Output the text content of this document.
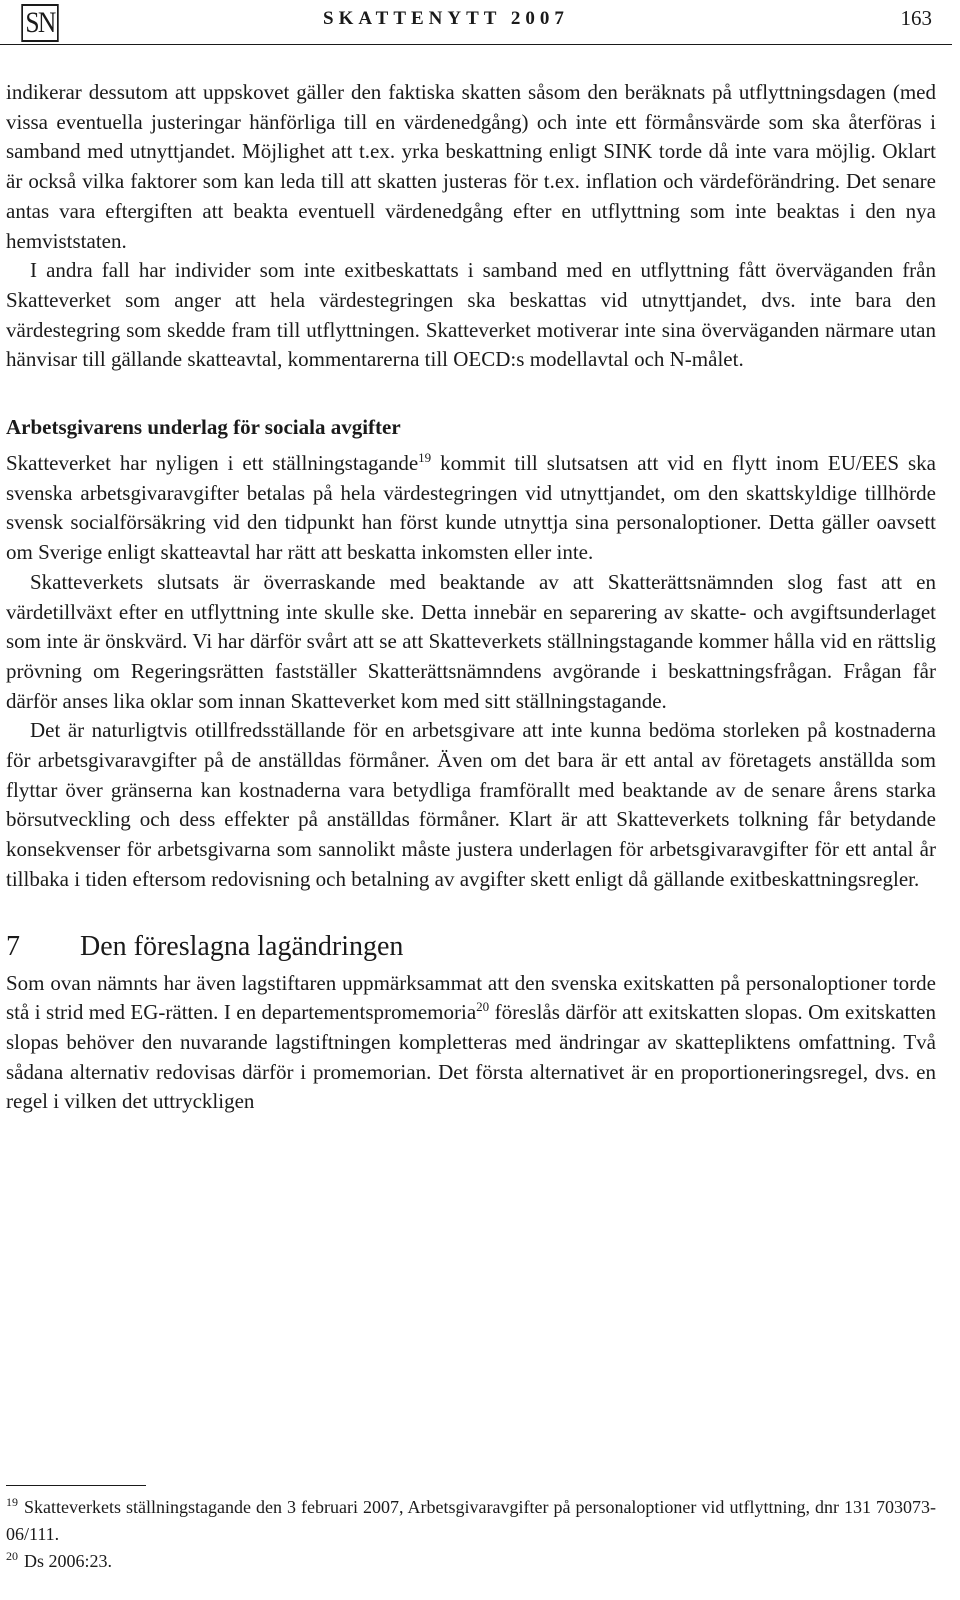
SN	SKATTENYTT 2007	163

indikerar dessutom att uppskovet gäller den faktiska skatten såsom den beräknats på utflyttningsdagen (med vissa eventuella justeringar hänförliga till en värdenedgång) och inte ett förmånsvärde som ska återföras i samband med utnyttjandet. Möjlighet att t.ex. yrka beskattning enligt SINK torde då inte vara möjlig. Oklart är också vilka faktorer som kan leda till att skatten justeras för t.ex. inflation och värdeförändring. Det senare antas vara eftergiften att beakta eventuell värdenedgång efter en utflyttning som inte beaktas i den nya hemviststaten.

I andra fall har individer som inte exitbeskattats i samband med en utflyttning fått överväganden från Skatteverket som anger att hela värdestegringen ska beskattas vid utnyttjandet, dvs. inte bara den värdestegring som skedde fram till utflyttningen. Skatteverket motiverar inte sina överväganden närmare utan hänvisar till gällande skatteavtal, kommentarerna till OECD:s modellavtal och N-målet.

Arbetsgivarens underlag för sociala avgifter

Skatteverket har nyligen i ett ställningstagande$^{19}$ kommit till slutsatsen att vid en flytt inom EU/EES ska svenska arbetsgivaravgifter betalas på hela värdestegringen vid utnyttjandet, om den skattskyldige tillhörde svensk socialförsäkring vid den tidpunkt han först kunde utnyttja sina personaloptioner. Detta gäller oavsett om Sverige enligt skatteavtal har rätt att beskatta inkomsten eller inte.

Skatteverkets slutsats är överraskande med beaktande av att Skatterättsnämnden slog fast att en värdetillväxt efter en utflyttning inte skulle ske. Detta innebär en separering av skatte- och avgiftsunderlaget som inte är önskvärd. Vi har därför svårt att se att Skatteverkets ställningstagande kommer hålla vid en rättslig prövning om Regeringsrätten fastställer Skatterättsnämndens avgörande i beskattningsfrågan. Frågan får därför anses lika oklar som innan Skatteverket kom med sitt ställningstagande.

Det är naturligtvis otillfredsställande för en arbetsgivare att inte kunna bedöma storleken på kostnaderna för arbetsgivaravgifter på de anställdas förmåner. Även om det bara är ett antal av företagets anställda som flyttar över gränserna kan kostnaderna vara betydliga framförallt med beaktande av de senare årens starka börsutveckling och dess effekter på anställdas förmåner. Klart är att Skatteverkets tolkning får betydande konsekvenser för arbetsgivarna som sannolikt måste justera underlagen för arbetsgivaravgifter för ett antal år tillbaka i tiden eftersom redovisning och betalning av avgifter skett enligt då gällande exitbeskattningsregler.

7 Den föreslagna lagändringen

Som ovan nämnts har även lagstiftaren uppmärksammat att den svenska exitskatten på personaloptioner torde stå i strid med EG-rätten. I en departementspromemoria$^{20}$ föreslås därför att exitskatten slopas. Om exitskatten slopas behöver den nuvarande lagstiftningen kompletteras med ändringar av skattepliktens omfattning. Två sådana alternativ redovisas därför i promemorian. Det första alternativet är en proportioneringsregel, dvs. en regel i vilken det uttryckligen

$^{19}$ Skatteverkets ställningstagande den 3 februari 2007, Arbetsgivaravgifter på personaloptioner vid utflyttning, dnr 131 703073-06/111.

$^{20}$ Ds 2006:23.
